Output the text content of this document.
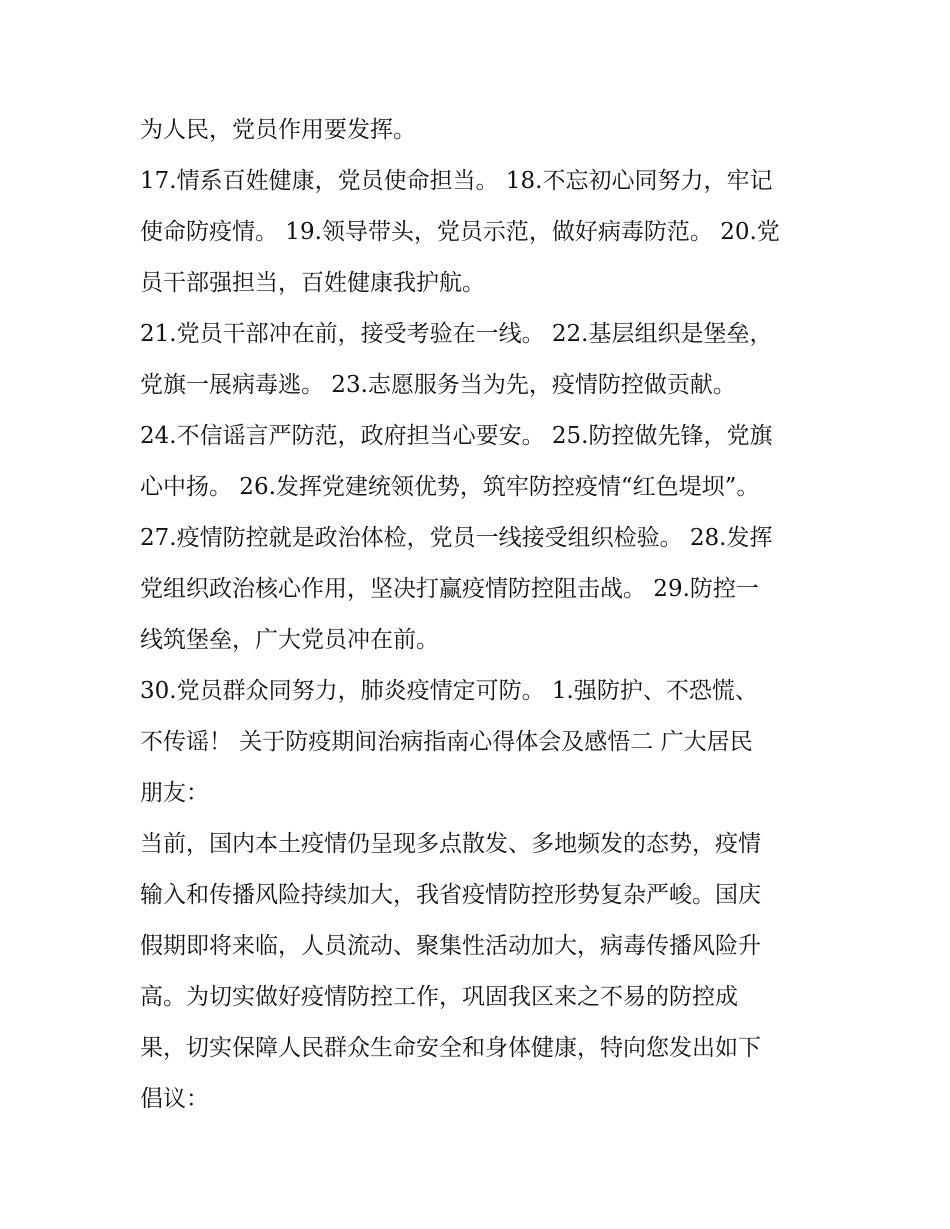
为人民，党员作用要发挥。
17.情系百姓健康，党员使命担当。 18.不忘初心同努力，牢记
使命防疫情。 19.领导带头，党员示范，做好病毒防范。 20.党
员干部强担当，百姓健康我护航。
21.党员干部冲在前，接受考验在一线。 22.基层组织是堡垒，
党旗一展病毒逃。 23.志愿服务当为先，疫情防控做贡献。
24.不信谣言严防范，政府担当心要安。 25.防控做先锋，党旗
心中扬。 26.发挥党建统领优势，筑牢防控疫情“红色堤坝”。
27.疫情防控就是政治体检，党员一线接受组织检验。 28.发挥
党组织政治核心作用，坚决打赢疫情防控阻击战。 29.防控一
线筑堡垒，广大党员冲在前。
30.党员群众同努力，肺炎疫情定可防。 1.强防护、不恐慌、
不传谣！ 关于防疫期间治病指南心得体会及感悟二 广大居民
朋友：
当前，国内本土疫情仍呈现多点散发、多地频发的态势，疫情
输入和传播风险持续加大，我省疫情防控形势复杂严峻。国庆
假期即将来临，人员流动、聚集性活动加大，病毒传播风险升
高。为切实做好疫情防控工作，巩固我区来之不易的防控成
果，切实保障人民群众生命安全和身体健康，特向您发出如下
倡议：
